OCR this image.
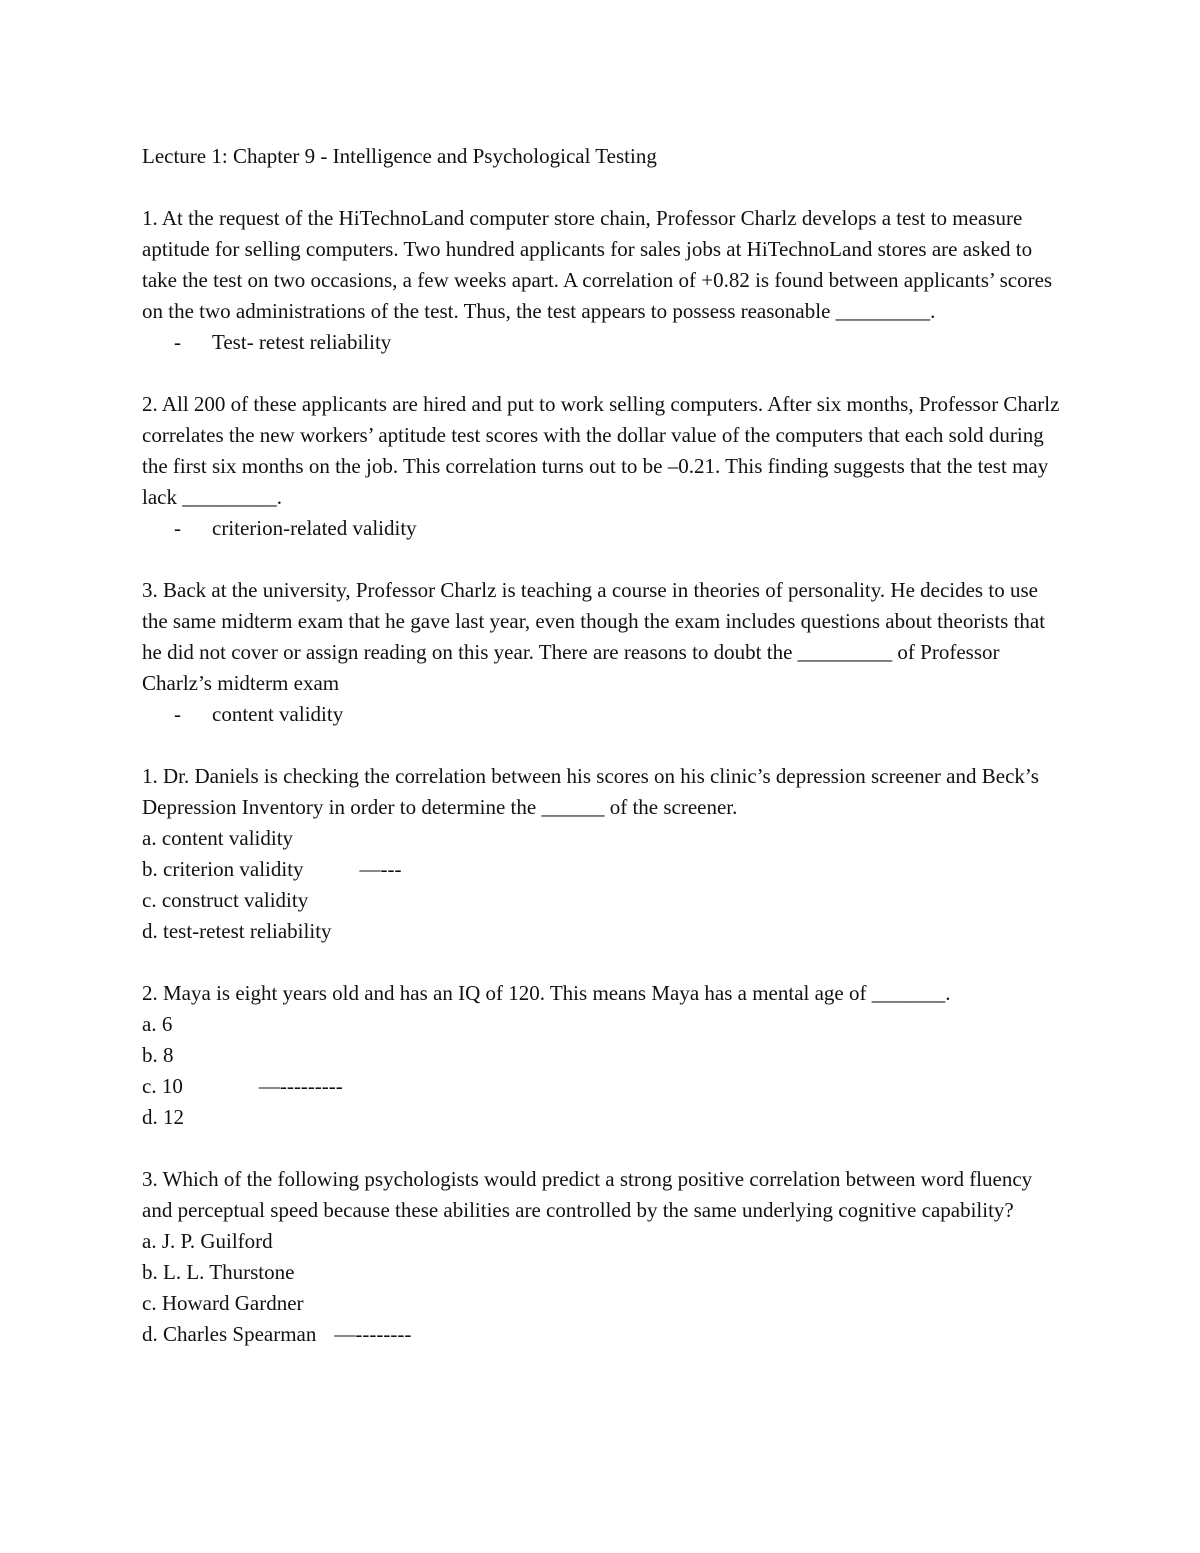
Lecture 1: Chapter 9 - Intelligence and Psychological Testing

1. At the request of the HiTechnoLand computer store chain, Professor Charlz develops a test to measure aptitude for selling computers. Two hundred applicants for sales jobs at HiTechnoLand stores are asked to take the test on two occasions, a few weeks apart. A correlation of +0.82 is found between applicants’ scores on the two administrations of the test. Thus, the test appears to possess reasonable _________.

-	Test- retest reliability

2. All 200 of these applicants are hired and put to work selling computers. After six months, Professor Charlz correlates the new workers’ aptitude test scores with the dollar value of the computers that each sold during the first six months on the job. This correlation turns out to be –0.21. This finding suggests that the test may lack _________.

-	criterion-related validity

3. Back at the university, Professor Charlz is teaching a course in theories of personality. He decides to use the same midterm exam that he gave last year, even though the exam includes questions about theorists that he did not cover or assign reading on this year. There are reasons to doubt the _________ of Professor Charlz’s midterm exam

-	content validity

1. Dr. Daniels is checking the correlation between his scores on his clinic’s depression screener and Beck’s Depression Inventory in order to determine the ______ of the screener.

a. content validity

b. criterion validity	—---

c. construct validity

d. test-retest reliability

2. Maya is eight years old and has an IQ of 120. This means Maya has a mental age of _______.

a. 6

b. 8

c. 10	—---------

d. 12

3. Which of the following psychologists would predict a strong positive correlation between word fluency and perceptual speed because these abilities are controlled by the same underlying cognitive capability?

a. J. P. Guilford

b. L. L. Thurstone

c. Howard Gardner

d. Charles Spearman —--------
